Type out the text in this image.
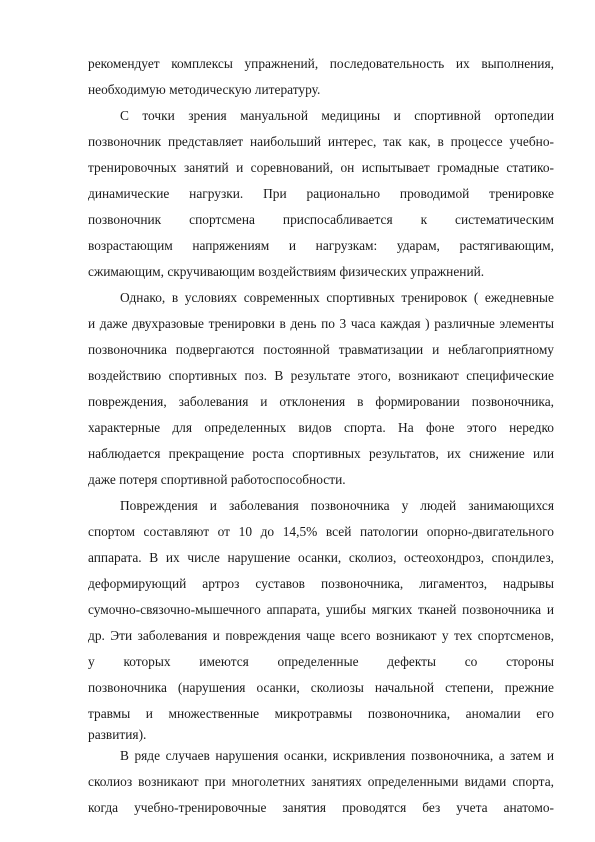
рекомендует комплексы упражнений, последовательность их выполнения,
необходимую методическую литературу.
С точки зрения мануальной медицины и спортивной ортопедии
позвоночник представляет наибольший интерес, так как, в процессе учебно-
тренировочных занятий и соревнований, он испытывает громадные статико-
динамические нагрузки. При рационально проводимой тренировке
позвоночник спортсмена приспосабливается к систематическим
возрастающим напряжениям и нагрузкам: ударам, растягивающим,
сжимающим, скручивающим воздействиям физических упражнений.
Однако, в условиях современных спортивных тренировок ( ежедневные
и даже двухразовые тренировки в день по 3 часа каждая ) различные элементы
позвоночника подвергаются постоянной травматизации и неблагоприятному
воздействию спортивных поз. В результате этого, возникают специфические
повреждения, заболевания и отклонения в формировании позвоночника,
характерные для определенных видов спорта. На фоне этого нередко
наблюдается прекращение роста спортивных результатов, их снижение или
даже потеря спортивной работоспособности.
Повреждения и заболевания позвоночника у людей занимающихся
спортом составляют от 10 до 14,5% всей патологии опорно-двигательного
аппарата. В их числе нарушение осанки, сколиоз, остеохондроз, спондилез,
деформирующий артроз суставов позвоночника, лигаментоз, надрывы
сумочно-связочно-мышечного аппарата, ушибы мягких тканей позвоночника и
др. Эти заболевания и повреждения чаще всего возникают у тех спортсменов,
у которых имеются определенные дефекты со стороны
позвоночника (нарушения осанки, сколиозы начальной степени, прежние
травмы и множественные микротравмы позвоночника, аномалии его
развития).
В ряде случаев нарушения осанки, искривления позвоночника, а затем и
сколиоз возникают при многолетних занятиях определенными видами спорта,
когда учебно-тренировочные занятия проводятся без учета анатомо-
